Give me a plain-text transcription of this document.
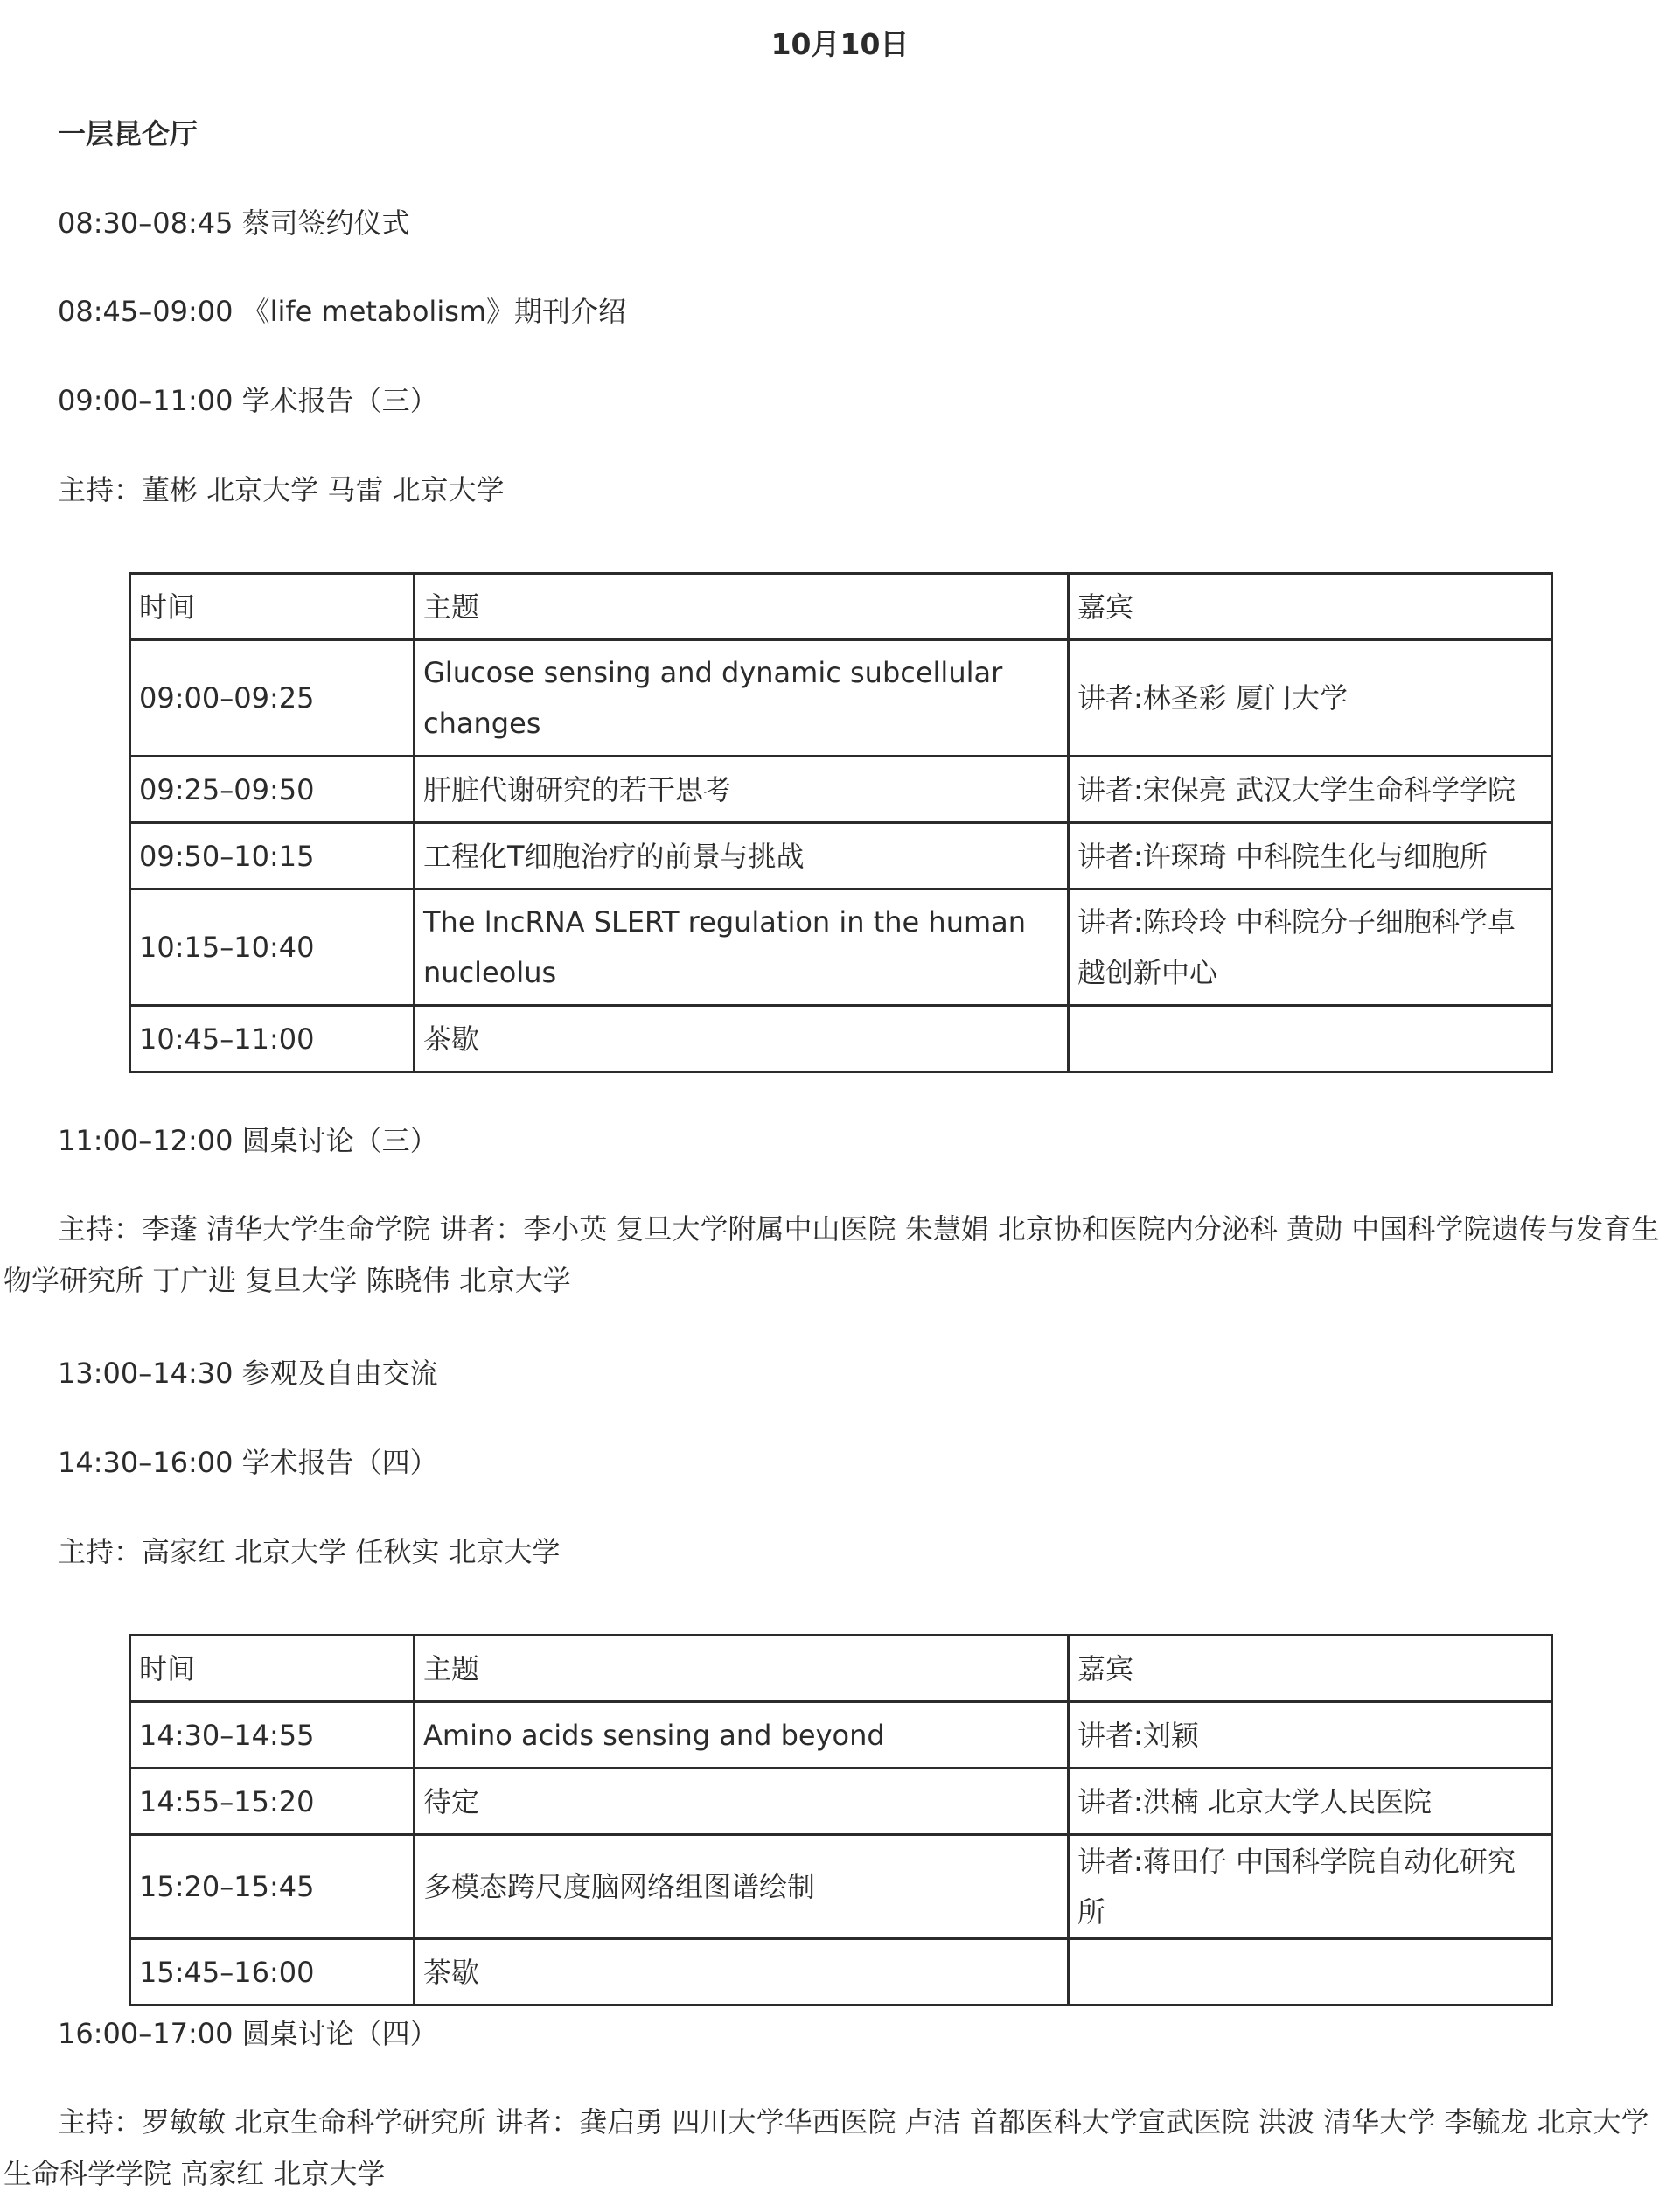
10月10日
一层昆仑厅
08:30–08:45 蔡司签约仪式
08:45–09:00 《life metabolism》期刊介绍
09:00–11:00 学术报告（三）
主持：董彬 北京大学 马雷 北京大学
时间	主题	嘉宾
09:00–09:25	Glucose sensing and dynamic subcellular changes	讲者:林圣彩 厦门大学
09:25–09:50	肝脏代谢研究的若干思考	讲者:宋保亮 武汉大学生命科学学院
09:50–10:15	工程化T细胞治疗的前景与挑战	讲者:许琛琦 中科院生化与细胞所
10:15–10:40	The lncRNA SLERT regulation in the human nucleolus	讲者:陈玲玲 中科院分子细胞科学卓越创新中心
10:45–11:00	茶歇	
11:00–12:00 圆桌讨论（三）
主持：李蓬 清华大学生命学院 讲者：李小英 复旦大学附属中山医院 朱慧娟 北京协和医院内分泌科 黄勋 中国科学院遗传与发育生物学研究所 丁广进 复旦大学 陈晓伟 北京大学
13:00–14:30 参观及自由交流
14:30–16:00 学术报告（四）
主持：高家红 北京大学 任秋实 北京大学
时间	主题	嘉宾
14:30–14:55	Amino acids sensing and beyond	讲者:刘颖
14:55–15:20	待定	讲者:洪楠 北京大学人民医院
15:20–15:45	多模态跨尺度脑网络组图谱绘制	讲者:蒋田仔 中国科学院自动化研究所
15:45–16:00	茶歇	
16:00–17:00 圆桌讨论（四）
主持：罗敏敏 北京生命科学研究所 讲者：龚启勇 四川大学华西医院 卢洁 首都医科大学宣武医院 洪波 清华大学 李毓龙 北京大学生命科学学院 高家红 北京大学
